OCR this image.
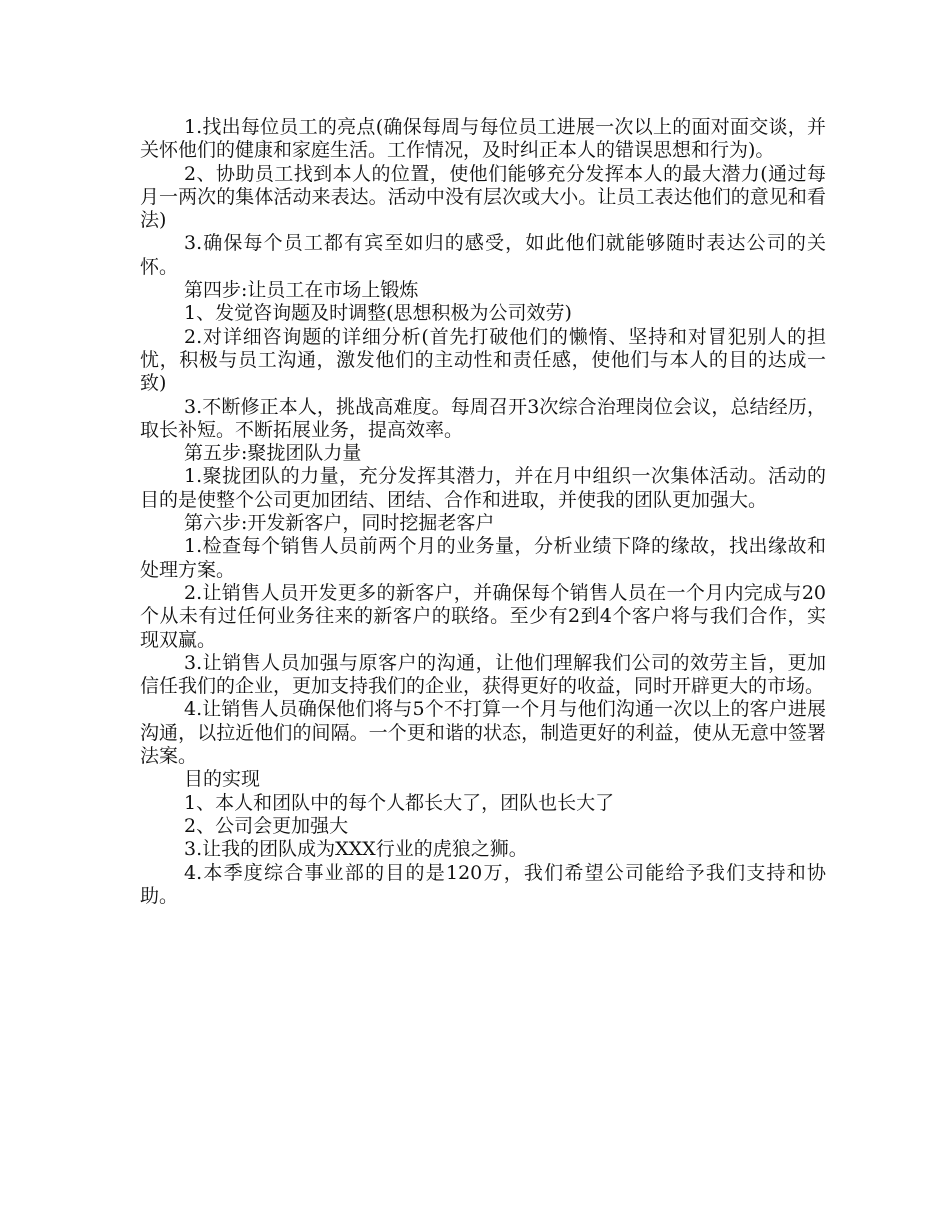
1.找出每位员工的亮点(确保每周与每位员工进展一次以上的面对面交谈，并关怀他们的健康和家庭生活。工作情况，及时纠正本人的错误思想和行为)。

2、协助员工找到本人的位置，使他们能够充分发挥本人的最大潜力(通过每月一两次的集体活动来表达。活动中没有层次或大小。让员工表达他们的意见和看法)

3.确保每个员工都有宾至如归的感受，如此他们就能够随时表达公司的关怀。

第四步:让员工在市场上锻炼

1、发觉咨询题及时调整(思想积极为公司效劳)

2.对详细咨询题的详细分析(首先打破他们的懒惰、坚持和对冒犯别人的担忧，积极与员工沟通，激发他们的主动性和责任感，使他们与本人的目的达成一致)

3.不断修正本人，挑战高难度。每周召开3次综合治理岗位会议，总结经历，取长补短。不断拓展业务，提高效率。

第五步:聚拢团队力量

1.聚拢团队的力量，充分发挥其潜力，并在月中组织一次集体活动。活动的目的是使整个公司更加团结、团结、合作和进取，并使我的团队更加强大。

第六步:开发新客户，同时挖掘老客户

1.检查每个销售人员前两个月的业务量，分析业绩下降的缘故，找出缘故和处理方案。

2.让销售人员开发更多的新客户，并确保每个销售人员在一个月内完成与20个从未有过任何业务往来的新客户的联络。至少有2到4个客户将与我们合作，实现双赢。

3.让销售人员加强与原客户的沟通，让他们理解我们公司的效劳主旨，更加信任我们的企业，更加支持我们的企业，获得更好的收益，同时开辟更大的市场。

4.让销售人员确保他们将与5个不打算一个月与他们沟通一次以上的客户进展沟通，以拉近他们的间隔。一个更和谐的状态，制造更好的利益，使从无意中签署法案。

目的实现

1、本人和团队中的每个人都长大了，团队也长大了

2、公司会更加强大

3.让我的团队成为XXX行业的虎狼之狮。

4.本季度综合事业部的目的是120万，我们希望公司能给予我们支持和协助。
